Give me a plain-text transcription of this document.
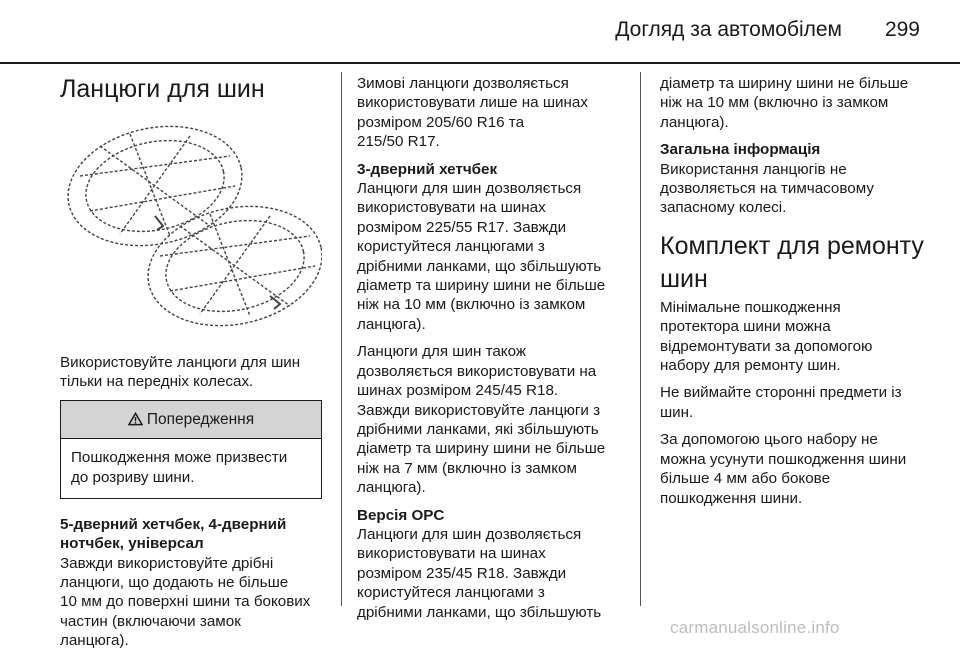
Догляд за автомобілем 299
Ланцюги для шин

Використовуйте ланцюги для шин
тільки на передніх колесах.

Попередження
Пошкодження може призвести
до розриву шини.
5-дверний хетчбек, 4-дверний
нотчбек, універсал

Завжди використовуйте дрібні
ланцюги, що додають не більше
10 мм до поверхні шини та бокових
частин (включаючи замок
ланцюга).

Зимові ланцюги дозволяється
використовувати лише на шинах
розміром 205/60 R16 та
215/50 R17.

3-дверний хетчбек

Ланцюги для шин дозволяється
використовувати на шинах
розміром 225/55 R17. Завжди
користуйтеся ланцюгами з
дрібними ланками, що збільшують
діаметр та ширину шини не більше
ніж на 10 мм (включно із замком
ланцюга).

Ланцюги для шин також
дозволяється використовувати на
шинах розміром 245/45 R18.
Завжди використовуйте ланцюги з
дрібними ланками, які збільшують
діаметр та ширину шини не більше
ніж на 7 мм (включно із замком
ланцюга).

Версія OPC

Ланцюги для шин дозволяється
використовувати на шинах
розміром 235/45 R18. Завжди
користуйтеся ланцюгами з
дрібними ланками, що збільшують

діаметр та ширину шини не більше
ніж на 10 мм (включно із замком
ланцюга).

Загальна інформація

Використання ланцюгів не
дозволяється на тимчасовому
запасному колесі.

Комплект для ремонту
шин

Мінімальне пошкодження
протектора шини можна
відремонтувати за допомогою
набору для ремонту шин.

Не виймайте сторонні предмети із
шин.

За допомогою цього набору не
можна усунути пошкодження шини
більше 4 мм або бокове
пошкодження шини.

carmanualsonline.info
